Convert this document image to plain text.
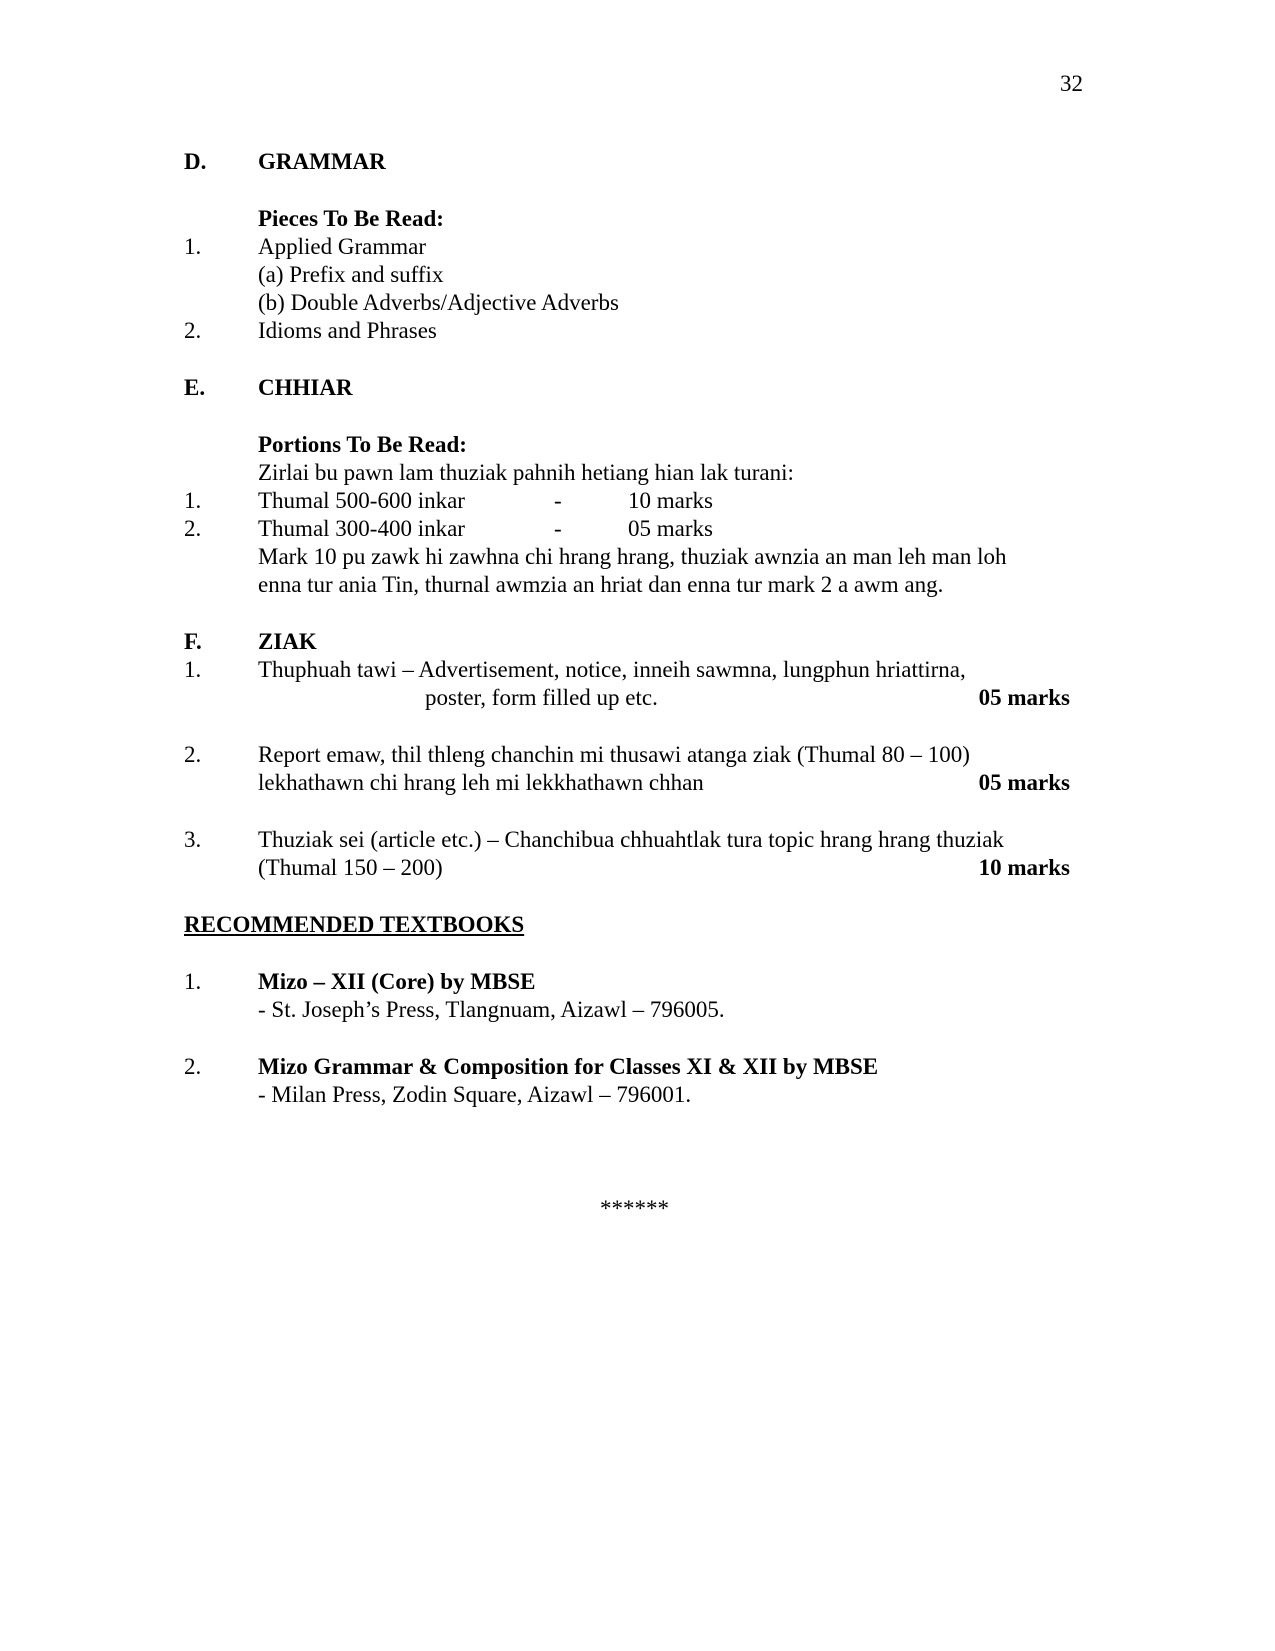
32
D. GRAMMAR
Pieces To Be Read:
1. Applied Grammar
(a) Prefix and suffix
(b) Double Adverbs/Adjective Adverbs
2. Idioms and Phrases
E. CHHIAR
Portions To Be Read:
Zirlai bu pawn lam thuziak pahnih hetiang hian lak turani:
1. Thumal 500-600 inkar	-	10 marks
2. Thumal 300-400 inkar	-	05 marks
Mark 10 pu zawk hi zawhna chi hrang hrang, thuziak awnzia an man leh man loh
enna tur ania Tin, thurnal awmzia an hriat dan enna tur mark 2 a awm ang.
F. ZIAK
1. Thuphuah tawi – Advertisement, notice, inneih sawmna, lungphun hriattirna,
poster, form filled up etc.	05 marks
2. Report emaw, thil thleng chanchin mi thusawi atanga ziak (Thumal 80 – 100)
lekhathawn chi hrang leh mi lekkhathawn chhan	05 marks
3. Thuziak sei (article etc.) – Chanchibua chhuahtlak tura topic hrang hrang thuziak
(Thumal 150 – 200)	10 marks
RECOMMENDED TEXTBOOKS
1. Mizo – XII (Core) by MBSE
- St. Joseph’s Press, Tlangnuam, Aizawl – 796005.
2. Mizo Grammar & Composition for Classes XI & XII by MBSE
- Milan Press, Zodin Square, Aizawl – 796001.
******
